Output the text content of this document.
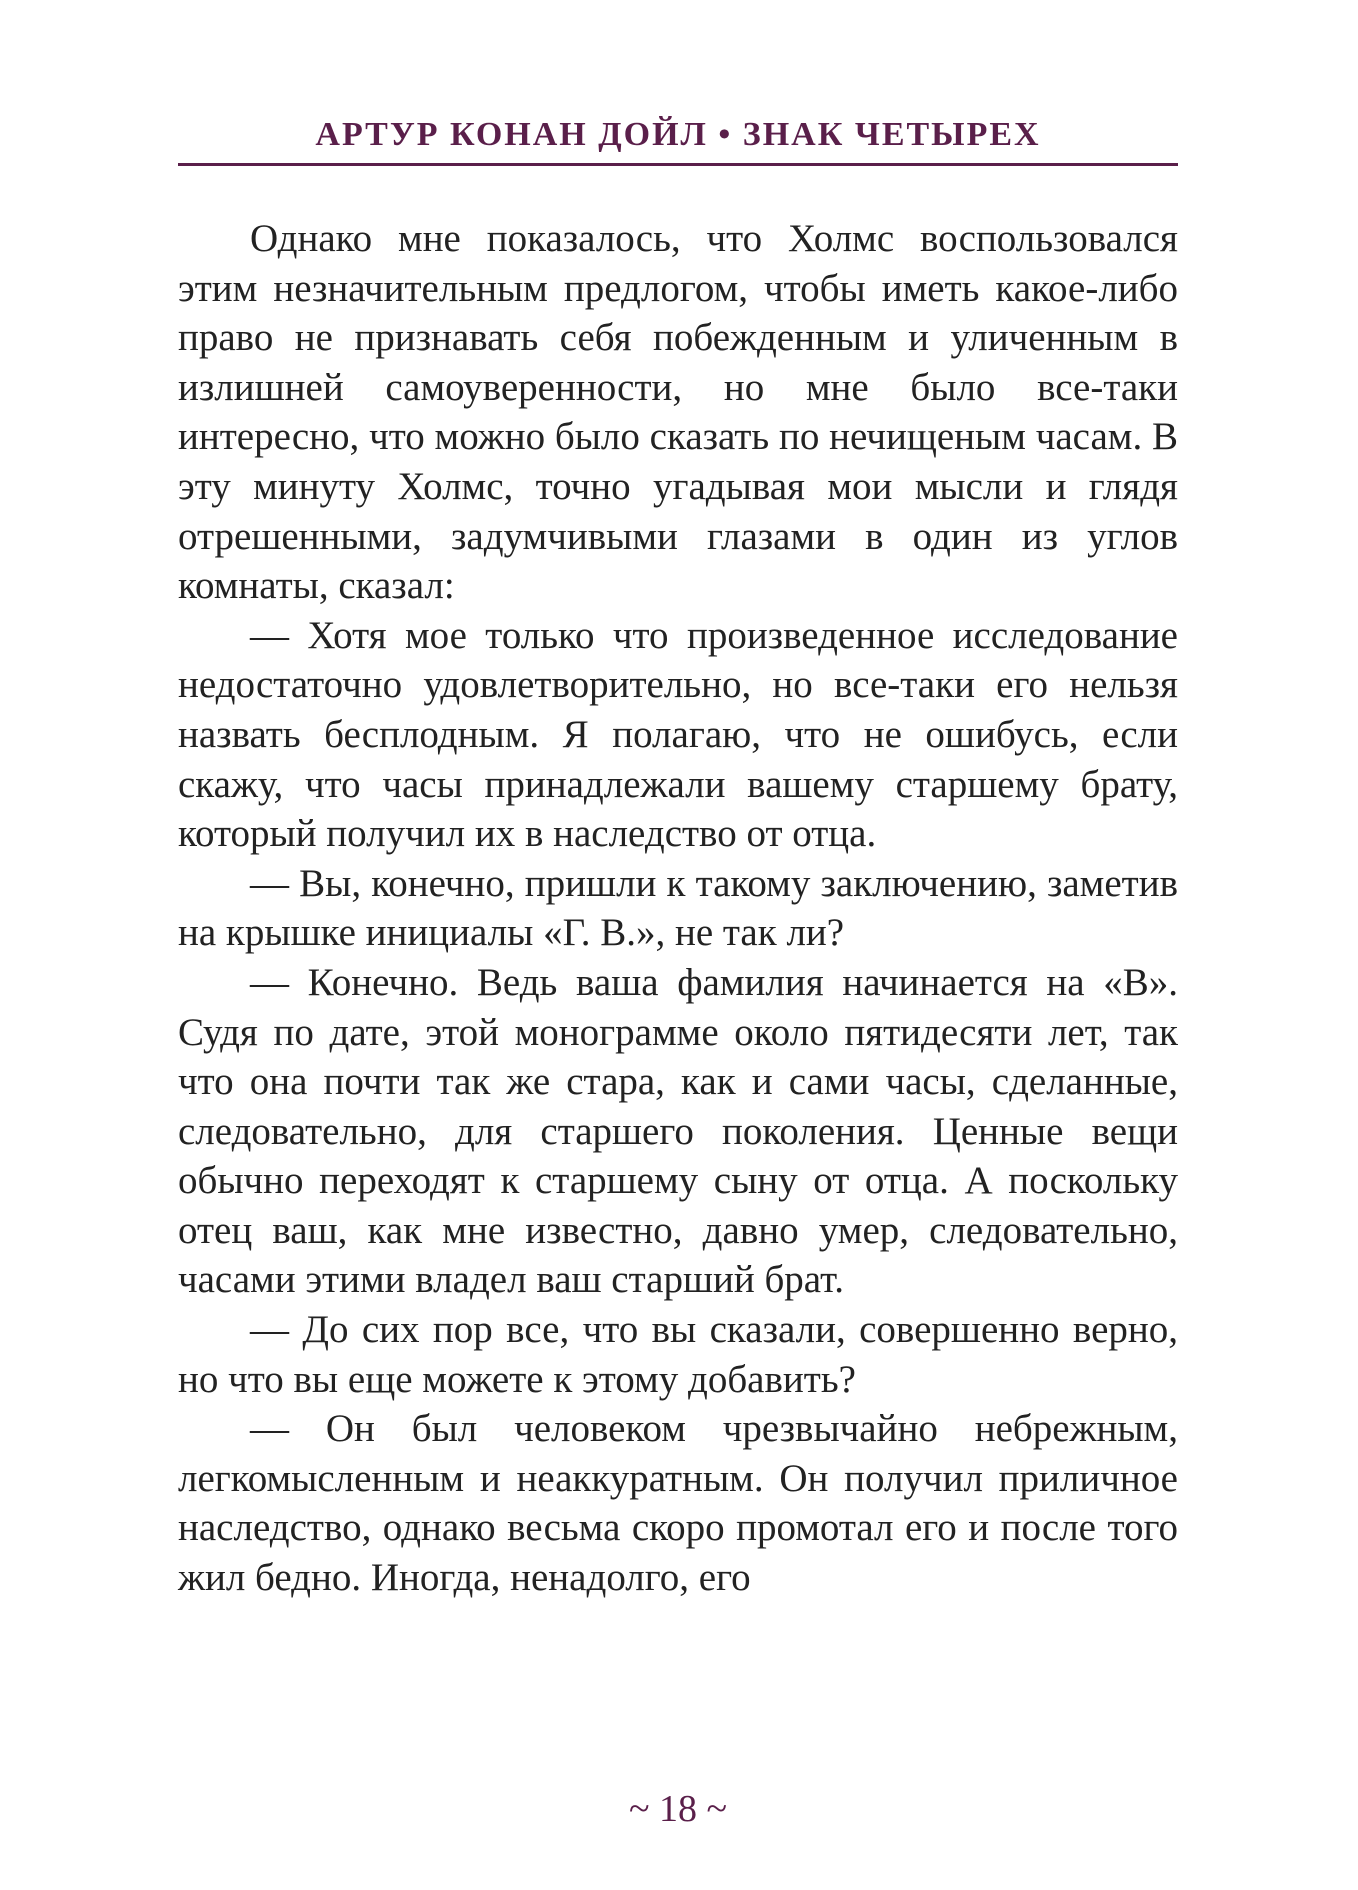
АРТУР КОНАН ДОЙЛ • ЗНАК ЧЕТЫРЕХ

Однако мне показалось, что Холмс воспользовался этим незначительным предлогом, чтобы иметь какое-либо право не признавать себя побежденным и уличенным в излишней самоуверенности, но мне было все-таки интересно, что можно было сказать по нечищеным часам. В эту минуту Холмс, точно угадывая мои мысли и глядя отрешенными, задумчивыми глазами в один из углов комнаты, сказал:

— Хотя мое только что произведенное исследование недостаточно удовлетворительно, но все-таки его нельзя назвать бесплодным. Я полагаю, что не ошибусь, если скажу, что часы принадлежали вашему старшему брату, который получил их в наследство от отца.

— Вы, конечно, пришли к такому заключению, заметив на крышке инициалы «Г. В.», не так ли?

— Конечно. Ведь ваша фамилия начинается на «В». Судя по дате, этой монограмме около пятидесяти лет, так что она почти так же стара, как и сами часы, сделанные, следовательно, для старшего поколения. Ценные вещи обычно переходят к старшему сыну от отца. А поскольку отец ваш, как мне известно, давно умер, следовательно, часами этими владел ваш старший брат.

— До сих пор все, что вы сказали, совершенно верно, но что вы еще можете к этому добавить?

— Он был человеком чрезвычайно небрежным, легкомысленным и неаккуратным. Он получил приличное наследство, однако весьма скоро промотал его и после того жил бедно. Иногда, ненадолго, его

~ 18 ~
